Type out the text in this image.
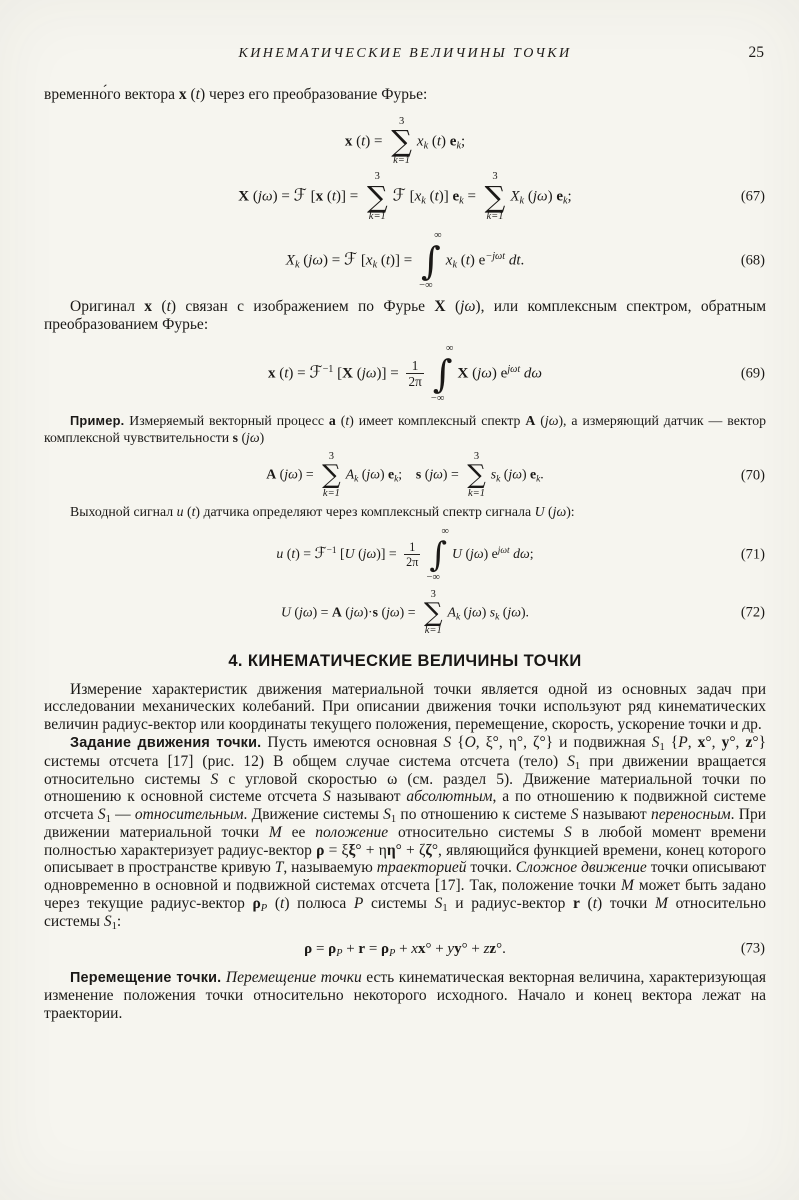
КИНЕМАТИЧЕСКИЕ ВЕЛИЧИНЫ ТОЧКИ	25

временно́го вектора x (t) через его преобразование Фурье:

x (t) =
3
∑
k=1
$x_k$ (t) $e_k$;
X (jω) = ℱ [x (t)] =
3
∑
k=1
ℱ [$x_k$ (t)] $e_k$ =
3
∑
k=1
$X_k$ (jω) $e_k$;	(67)
$X_k$ (jω) = ℱ [$x_k$ (t)] =
∞
∫
−∞
$x_k$ (t) $e^{-j\omega t}$ dt.	(68)

Оригинал x (t) связан с изображением по Фурье X (jω), или комплексным спектром, обратным преобразованием Фурье:

x (t) = ℱ$^{-1}$ [X $(j\omega)] = \frac{1}{2\pi}$
∞
∫
−∞
X (jω) $e^{j\omega t}$ dω	(69)

Пример. Измеряемый векторный процесс a (t) имеет комплексный спектр A (jω), а измеряющий датчик — вектор комплексной чувствительности s (jω)

A (jω) =
3
∑
k=1
$A_k$ (jω) $e_k$; s (jω) =
3
∑
k=1
$s_k$ (jω) $e_k$.	(70)

Выходной сигнал u (t) датчика определяют через комплексный спектр сигнала U (jω):

u (t) = ℱ$^{-1}$ [U $(j\omega)] = \frac{1}{2\pi}$
∞
∫
−∞
U (jω) $e^{j\omega t}$ dω;	(71)
U (jω) = A (jω)·s (jω) =
3
∑
k=1
$A_k$ (jω) $s_k$ (jω).	(72)
4. КИНЕМАТИЧЕСКИЕ ВЕЛИЧИНЫ ТОЧКИ

Измерение характеристик движения материальной точки является одной из основных задач при исследовании механических колебаний. При описании движения точки используют ряд кинематических величин радиус-вектор или координаты текущего положения, перемещение, скорость, ускорение точки и др.

Задание движения точки. Пусть имеются основная S {O, ξ°, η°, ζ°} и подвижная $S_1$ {P, x°, y°, z°} системы отсчета [17] (рис. 12) В общем случае система отсчета (тело) $S_1$ при движении вращается относительно системы S с угловой скоростью ω (см. раздел 5). Движение материальной точки по отношению к основной системе отсчета S называют абсолютным, а по отношению к подвижной системе отсчета $S_1$ — относительным. Движение системы $S_1$ по отношению к системе S называют переносным. При движении материальной точки M ее положение относительно системы S в любой момент времени полностью характеризует радиус-вектор ρ = ξξ° + ηη° + ζζ°, являющийся функцией времени, конец которого описывает в пространстве кривую T, называемую траекторией точки. Сложное движение точки описывают одновременно в основной и подвижной системах отсчета [17]. Так, положение точки M может быть задано через текущие радиус-вектор $\rho_P$ (t) полюса P системы $S_1$ и радиус-вектор r (t) точки M относительно системы $S_1$:

$\rho = \rho_P + r = \rho_P + xx^\circ + yy^\circ + zz^\circ$.	(73)

Перемещение точки. Перемещение точки есть кинематическая векторная величина, характеризующая изменение положения точки относительно некоторого исходного. Начало и конец вектора лежат на траектории.
